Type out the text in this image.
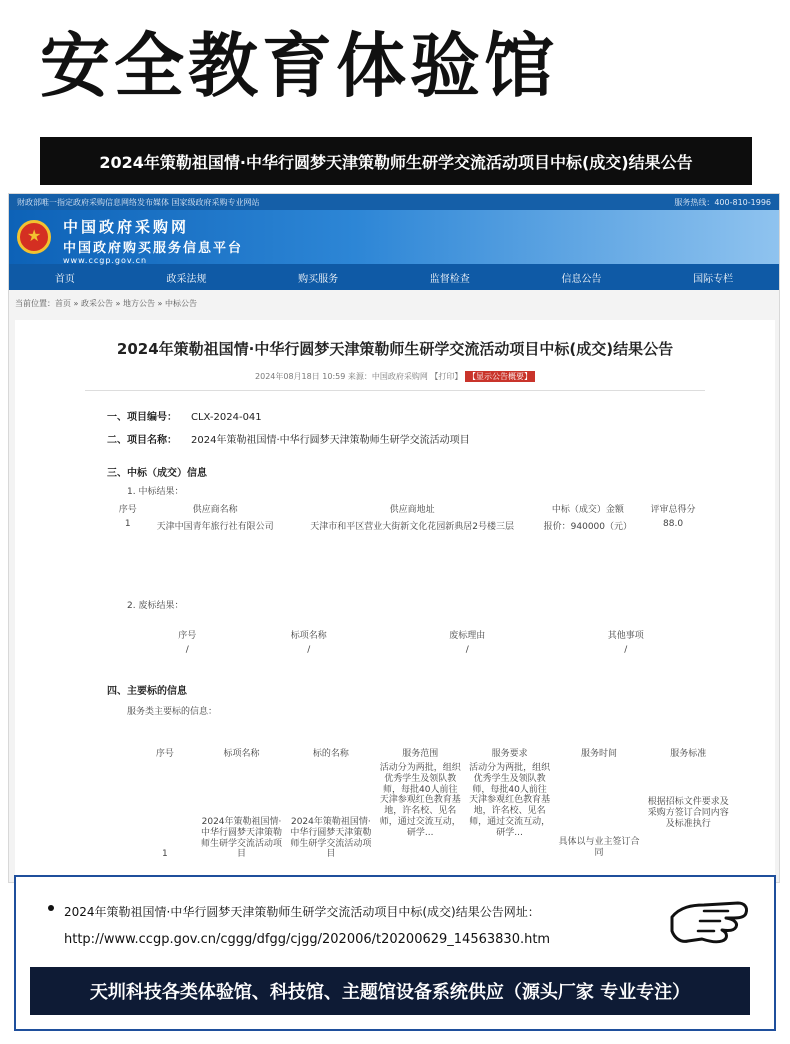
安全教育体验馆
2024年策勒祖国情·中华行圆梦天津策勒师生研学交流活动项目中标(成交)结果公告
财政部唯一指定政府采购信息网络发布媒体 国家级政府采购专业网站	服务热线：400-810-1996
★
中国政府采购网
中国政府购买服务信息平台
www.ccgp.gov.cn
首页	政采法规	购买服务	监督检查	信息公告	国际专栏
当前位置：首页 » 政采公告 » 地方公告 » 中标公告
2024年策勒祖国情·中华行圆梦天津策勒师生研学交流活动项目中标(成交)结果公告
2024年08月18日 10:59 来源：中国政府采购网 【打印】 【显示公告概要】
一、项目编号： CLX-2024-041
二、项目名称： 2024年策勒祖国情·中华行圆梦天津策勒师生研学交流活动项目
三、中标（成交）信息
1. 中标结果：
序号	供应商名称	供应商地址	中标（成交）金额	评审总得分
1	天津中国青年旅行社有限公司	天津市和平区营业大街新文化花园新典居2号楼三层	报价：940000（元）	88.0
2. 废标结果：
序号	标项名称	废标理由	其他事项
/	/	/	/
四、主要标的信息
服务类主要标的信息：
序号	标项名称	标的名称	服务范围	服务要求	服务时间	服务标准
1	2024年策勒祖国情·中华行圆梦天津策勒师生研学交流活动项目	2024年策勒祖国情·中华行圆梦天津策勒师生研学交流活动项目	活动分为两批，组织优秀学生及领队教师，每批40人前往天津参观红色教育基地，许名校、见名师，通过交流互动，研学...	活动分为两批，组织优秀学生及领队教师，每批40人前往天津参观红色教育基地，许名校、见名师，通过交流互动，研学...	具体以与业主签订合同	根据招标文件要求及采购方签订合同内容及标准执行
2024年策勒祖国情·中华行圆梦天津策勒师生研学交流活动项目中标(成交)结果公告网址：
http://www.ccgp.gov.cn/cggg/dfgg/cjgg/202006/t20200629_14563830.htm
天圳科技各类体验馆、科技馆、主题馆设备系统供应（源头厂家 专业专注）
